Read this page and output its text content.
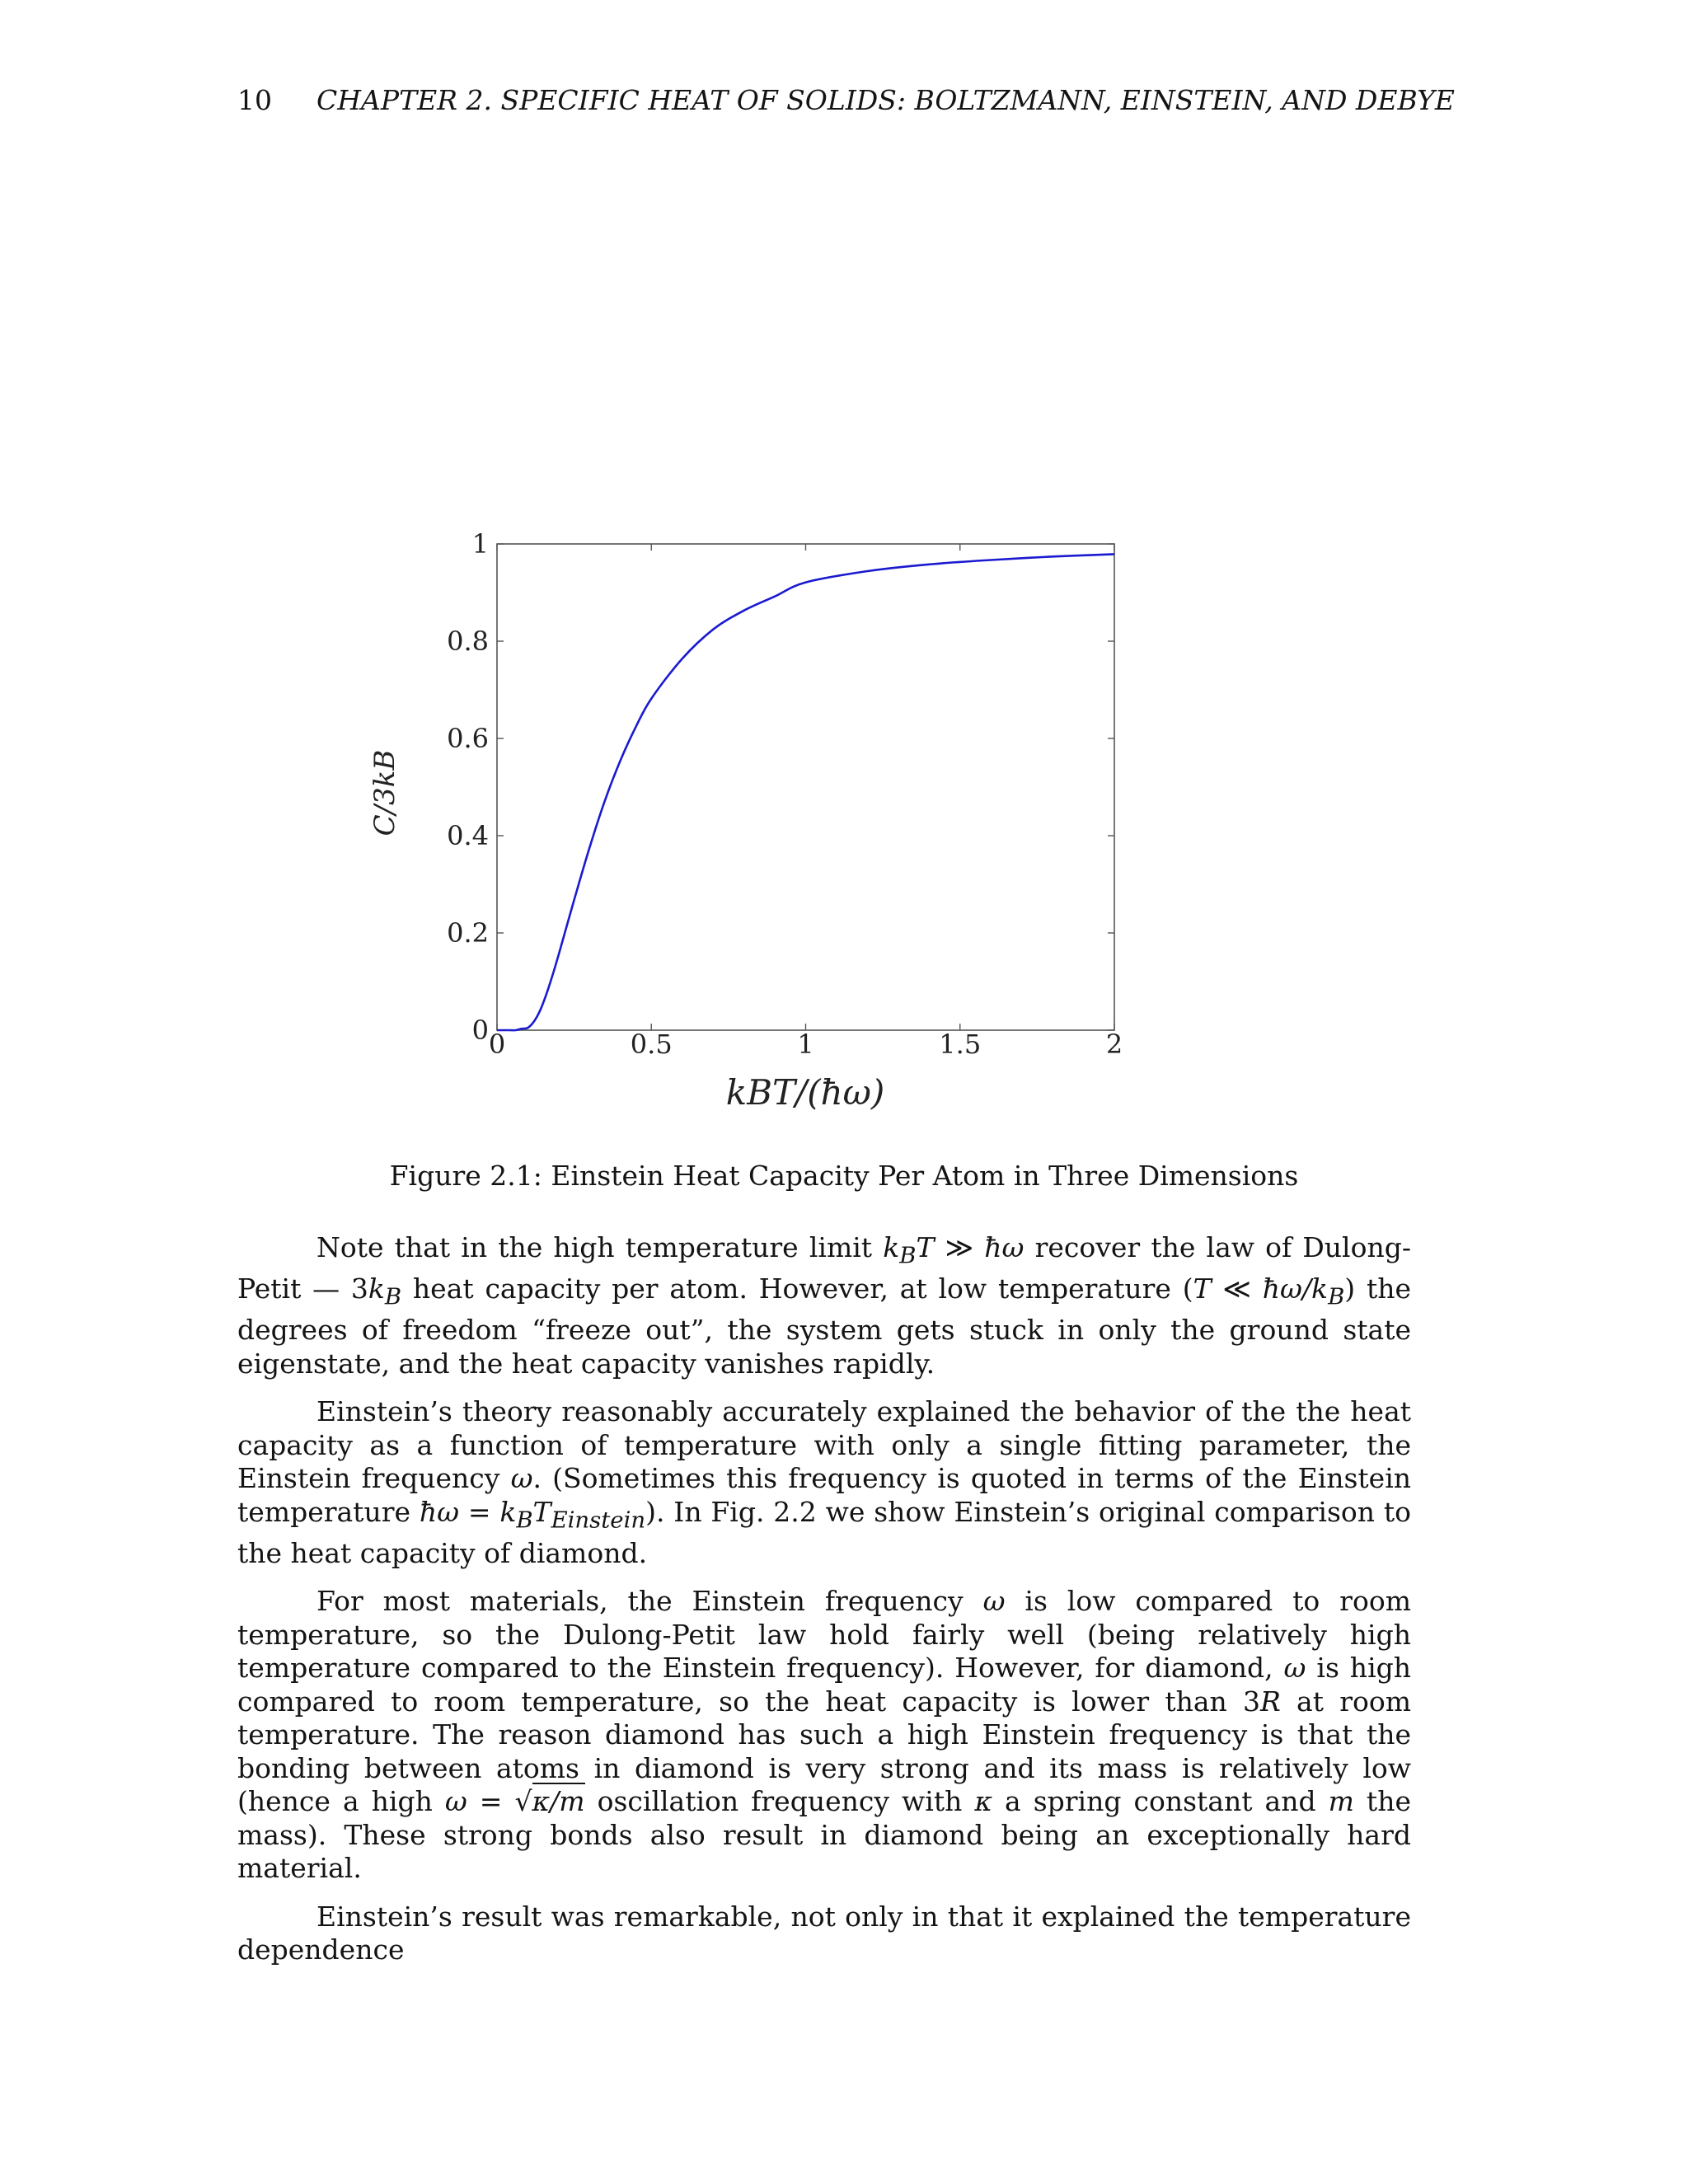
10 CHAPTER 2. SPECIFIC HEAT OF SOLIDS: BOLTZMANN, EINSTEIN, AND DEBYE
0	0.5	1	1.5	2
0
0.2
0.4
0.6
0.8
1
kBT/(ħω)
C/3kB
Figure 2.1: Einstein Heat Capacity Per Atom in Three Dimensions

Note that in the high temperature limit $k_BT$ ≫ ħω recover the law of Dulong-Petit — $3k_B$ heat capacity per atom. However, at low temperature (T ≪ $ħ\omega/k_B$) the degrees of freedom “freeze out”, the system gets stuck in only the ground state eigenstate, and the heat capacity vanishes rapidly.

Einstein’s theory reasonably accurately explained the behavior of the the heat capacity as a function of temperature with only a single fitting parameter, the Einstein frequency ω. (Sometimes this frequency is quoted in terms of the Einstein temperature ħω = $k_BT_{Einstein}$). In Fig. 2.2 we show Einstein’s original comparison to the heat capacity of diamond.

For most materials, the Einstein frequency ω is low compared to room temperature, so the Dulong-Petit law hold fairly well (being relatively high temperature compared to the Einstein frequency). However, for diamond, ω is high compared to room temperature, so the heat capacity is lower than 3R at room temperature. The reason diamond has such a high Einstein frequency is that the bonding between atoms in diamond is very strong and its mass is relatively low (hence a high ω = √κ/m oscillation frequency with κ a spring constant and m the mass). These strong bonds also result in diamond being an exceptionally hard material.

Einstein’s result was remarkable, not only in that it explained the temperature dependence
